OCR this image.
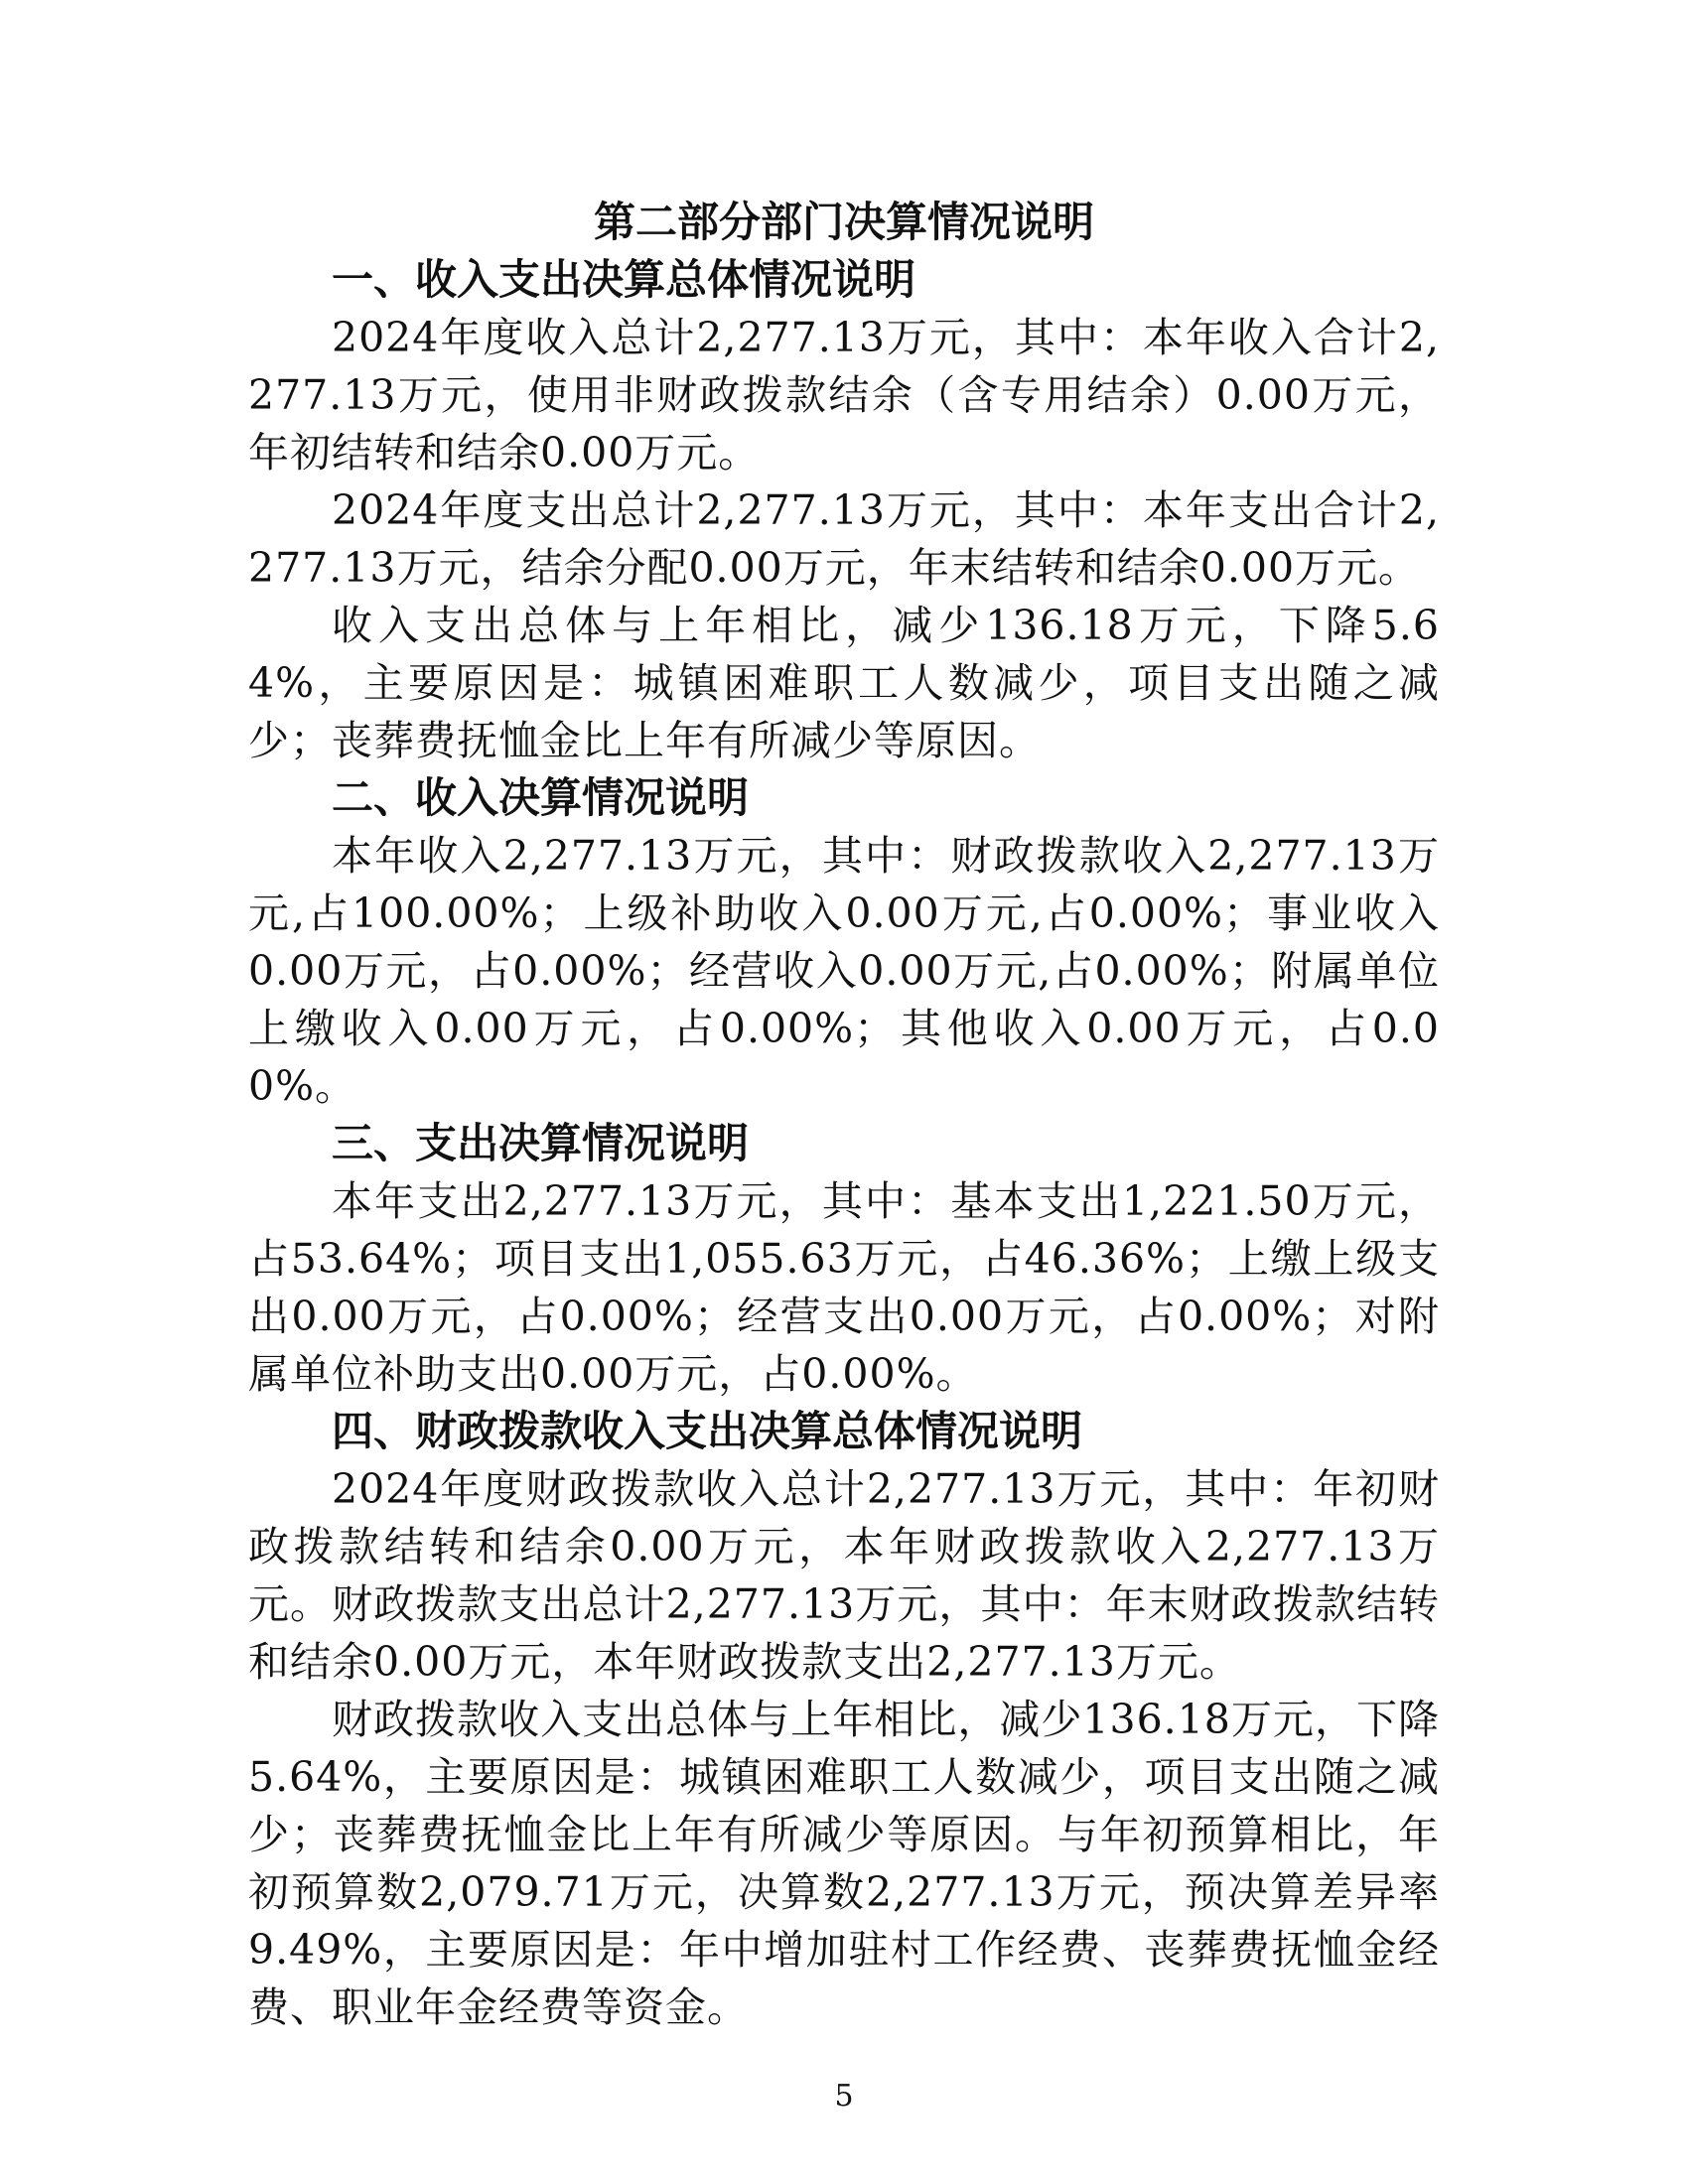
第二部分部门决算情况说明
一、收入支出决算总体情况说明

2024年度收入总计2,277.13万元，其中：本年收入合计2,277.13万元，使用非财政拨款结余（含专用结余）0.00万元，年初结转和结余0.00万元。

2024年度支出总计2,277.13万元，其中：本年支出合计2,277.13万元，结余分配0.00万元，年末结转和结余0.00万元。

收入支出总体与上年相比，减少136.18万元，下降5.64%，主要原因是：城镇困难职工人数减少，项目支出随之减少；丧葬费抚恤金比上年有所减少等原因。

二、收入决算情况说明

本年收入2,277.13万元，其中：财政拨款收入2,277.13万元,占100.00%；上级补助收入0.00万元,占0.00%；事业收入0.00万元，占0.00%；经营收入0.00万元,占0.00%；附属单位上缴收入0.00万元，占0.00%；其他收入0.00万元，占0.00%。

三、支出决算情况说明

本年支出2,277.13万元，其中：基本支出1,221.50万元，占53.64%；项目支出1,055.63万元，占46.36%；上缴上级支出0.00万元，占0.00%；经营支出0.00万元，占0.00%；对附属单位补助支出0.00万元，占0.00%。

四、财政拨款收入支出决算总体情况说明

2024年度财政拨款收入总计2,277.13万元，其中：年初财政拨款结转和结余0.00万元，本年财政拨款收入2,277.13万元。财政拨款支出总计2,277.13万元，其中：年末财政拨款结转和结余0.00万元，本年财政拨款支出2,277.13万元。

财政拨款收入支出总体与上年相比，减少136.18万元，下降5.64%，主要原因是：城镇困难职工人数减少，项目支出随之减少；丧葬费抚恤金比上年有所减少等原因。与年初预算相比，年初预算数2,079.71万元，决算数2,277.13万元，预决算差异率9.49%，主要原因是：年中增加驻村工作经费、丧葬费抚恤金经费、职业年金经费等资金。

5
